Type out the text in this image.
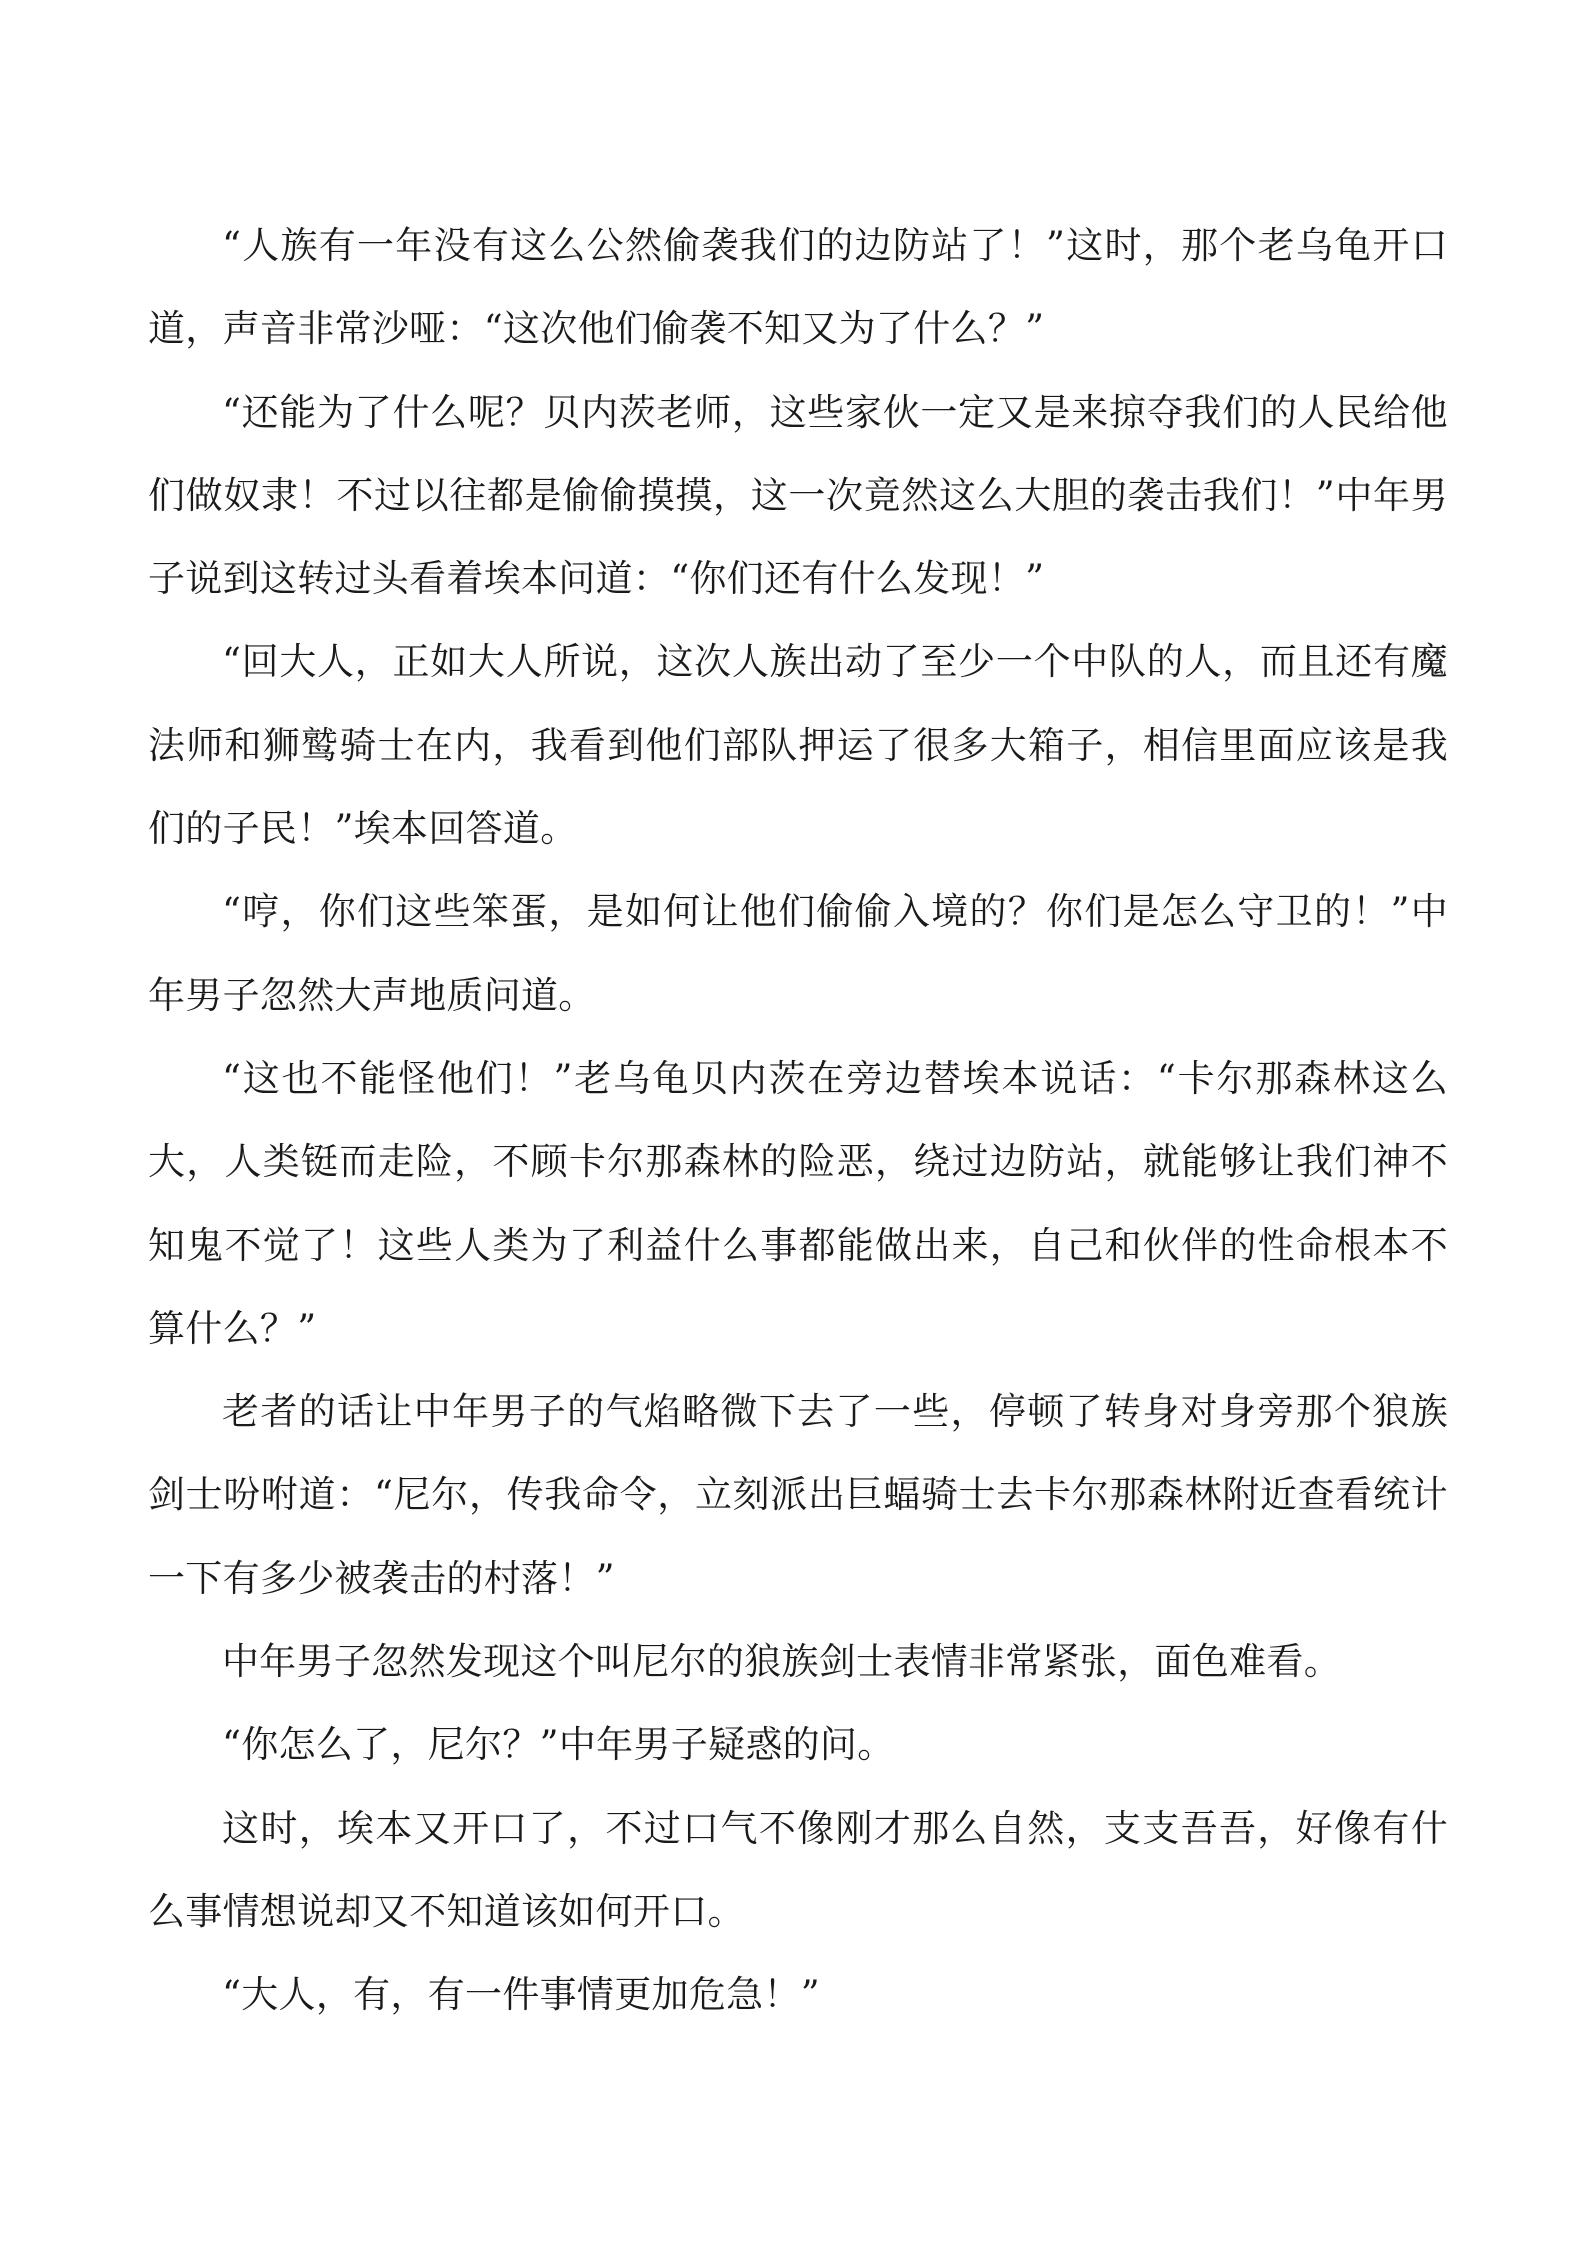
“人族有一年没有这么公然偷袭我们的边防站了！”这时，那个老乌龟开口道，声音非常沙哑：“这次他们偷袭不知又为了什么？”

“还能为了什么呢？贝内茨老师，这些家伙一定又是来掠夺我们的人民给他们做奴隶！不过以往都是偷偷摸摸，这一次竟然这么大胆的袭击我们！”中年男子说到这转过头看着埃本问道：“你们还有什么发现！”

“回大人，正如大人所说，这次人族出动了至少一个中队的人，而且还有魔法师和狮鹫骑士在内，我看到他们部队押运了很多大箱子，相信里面应该是我们的子民！”埃本回答道。

“哼，你们这些笨蛋，是如何让他们偷偷入境的？你们是怎么守卫的！”中年男子忽然大声地质问道。

“这也不能怪他们！”老乌龟贝内茨在旁边替埃本说话：“卡尔那森林这么大，人类铤而走险，不顾卡尔那森林的险恶，绕过边防站，就能够让我们神不知鬼不觉了！这些人类为了利益什么事都能做出来，自己和伙伴的性命根本不算什么？”

老者的话让中年男子的气焰略微下去了一些，停顿了转身对身旁那个狼族剑士吩咐道：“尼尔，传我命令，立刻派出巨蝠骑士去卡尔那森林附近查看统计一下有多少被袭击的村落！”

中年男子忽然发现这个叫尼尔的狼族剑士表情非常紧张，面色难看。

“你怎么了，尼尔？”中年男子疑惑的问。

这时，埃本又开口了，不过口气不像刚才那么自然，支支吾吾，好像有什么事情想说却又不知道该如何开口。

“大人，有，有一件事情更加危急！”
